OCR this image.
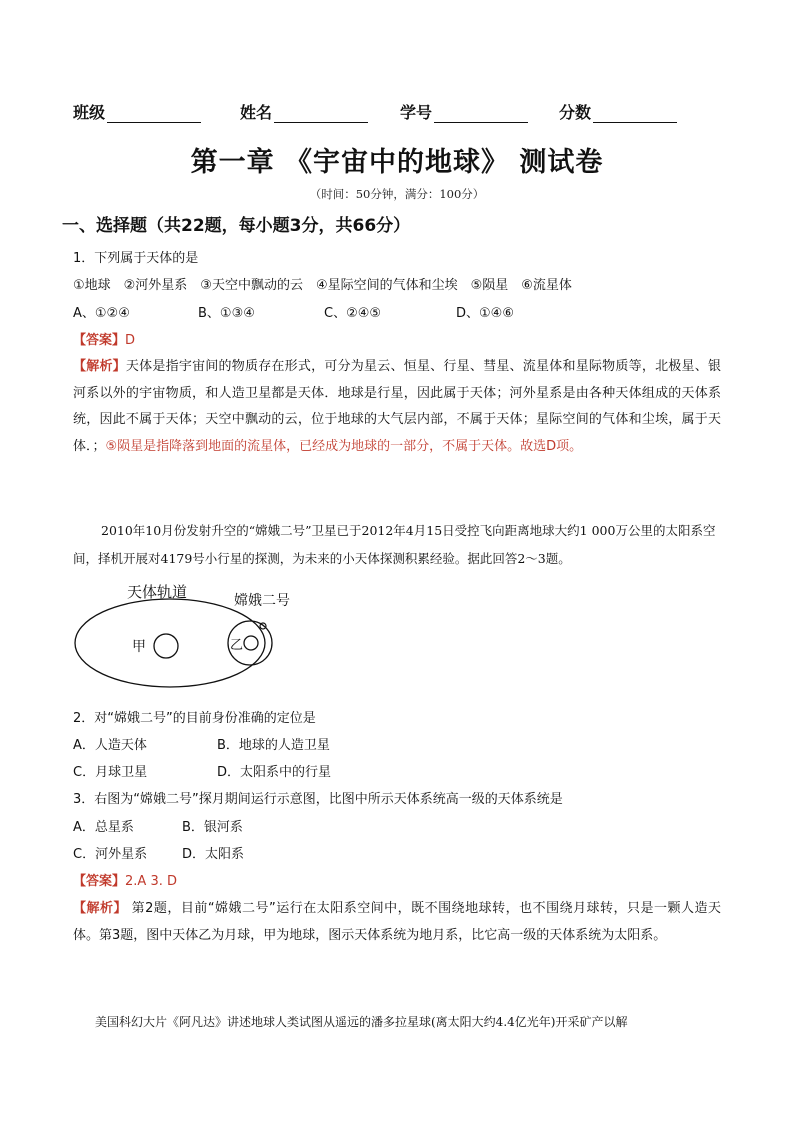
班级	姓名	学号	分数
第一章 《宇宙中的地球》 测试卷
（时间：50分钟，满分：100分）
一、选择题（共22题，每小题3分，共66分）
1．下列属于天体的是
①地球　②河外星系　③天空中飘动的云　④星际空间的气体和尘埃　⑤陨星　⑥流星体
A、①②④	B、①③④	C、②④⑤	D、①④⑥
【答案】D
【解析】天体是指宇宙间的物质存在形式，可分为星云、恒星、行星、彗星、流星体和星际物质等，北极星、银河系以外的宇宙物质，和人造卫星都是天体．地球是行星，因此属于天体；河外星系是由各种天体组成的天体系统，因此不属于天体；天空中飘动的云，位于地球的大气层内部，不属于天体；星际空间的气体和尘埃，属于天体．；⑤陨星是指降落到地面的流星体，已经成为地球的一部分，不属于天体。故选D项。
2010年10月份发射升空的“嫦娥二号”卫星已于2012年4月15日受控飞向距离地球大约1 000万公里的太阳系空间，择机开展对4179号小行星的探测，为未来的小天体探测积累经验。据此回答2～3题。
天体轨道	嫦娥二号
甲	乙
2．对“嫦娥二号”的目前身份准确的定位是
A．人造天体	B．地球的人造卫星
C．月球卫星	D．太阳系中的行星
3．右图为“嫦娥二号”探月期间运行示意图，比图中所示天体系统高一级的天体系统是
A．总星系	B．银河系
C．河外星系	D．太阳系
【答案】2.A 3. D
【解析】 第2题，目前“嫦娥二号”运行在太阳系空间中，既不围绕地球转，也不围绕月球转，只是一颗人造天体。第3题，图中天体乙为月球，甲为地球，图示天体系统为地月系，比它高一级的天体系统为太阳系。
美国科幻大片《阿凡达》讲述地球人类试图从遥远的潘多拉星球(离太阳大约4.4亿光年)开采矿产以解
